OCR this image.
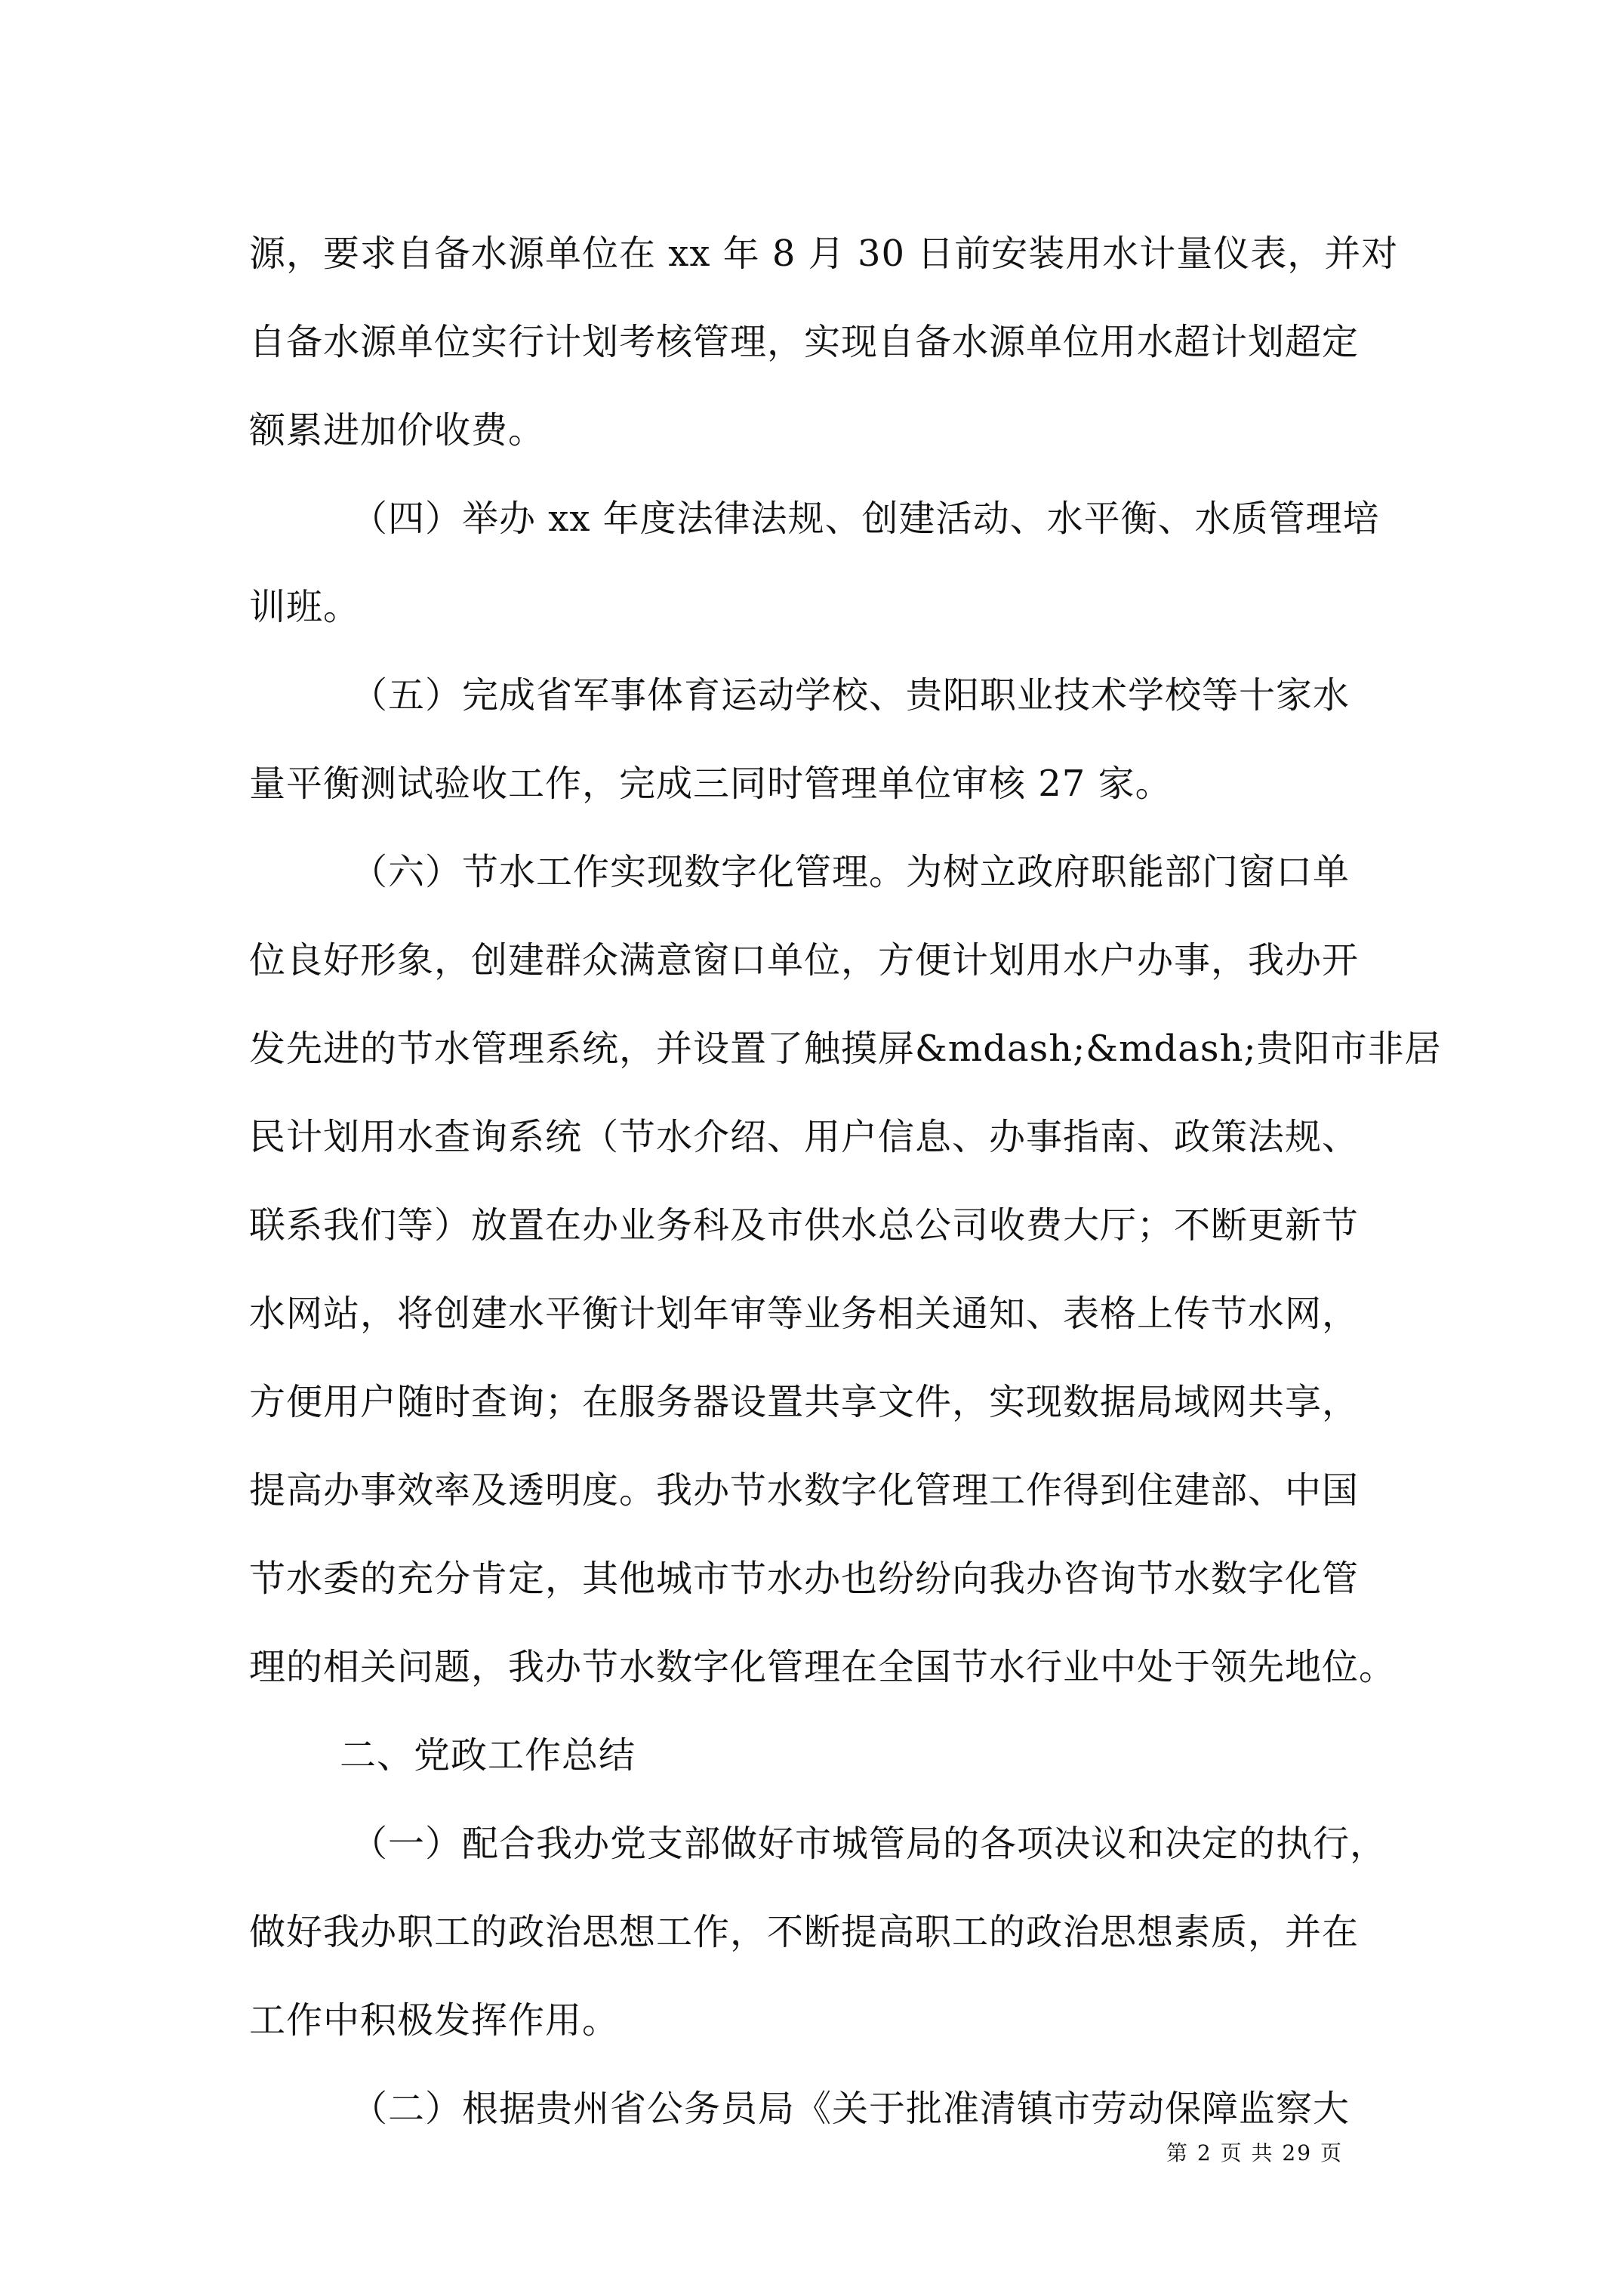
源，要求自备水源单位在 xx 年 8 月 30 日前安装用水计量仪表，并对
自备水源单位实行计划考核管理，实现自备水源单位用水超计划超定
额累进加价收费。
（四）举办 xx 年度法律法规、创建活动、水平衡、水质管理培
训班。
（五）完成省军事体育运动学校、贵阳职业技术学校等十家水
量平衡测试验收工作，完成三同时管理单位审核 27 家。
（六）节水工作实现数字化管理。为树立政府职能部门窗口单
位良好形象，创建群众满意窗口单位，方便计划用水户办事，我办开
发先进的节水管理系统，并设置了触摸屏&mdash;&mdash;贵阳市非居
民计划用水查询系统（节水介绍、用户信息、办事指南、政策法规、
联系我们等）放置在办业务科及市供水总公司收费大厅；不断更新节
水网站，将创建水平衡计划年审等业务相关通知、表格上传节水网，
方便用户随时查询；在服务器设置共享文件，实现数据局域网共享，
提高办事效率及透明度。我办节水数字化管理工作得到住建部、中国
节水委的充分肯定，其他城市节水办也纷纷向我办咨询节水数字化管
理的相关问题，我办节水数字化管理在全国节水行业中处于领先地位。
二、党政工作总结
（一）配合我办党支部做好市城管局的各项决议和决定的执行，
做好我办职工的政治思想工作，不断提高职工的政治思想素质，并在
工作中积极发挥作用。
（二）根据贵州省公务员局《关于批准清镇市劳动保障监察大
第 2 页 共 29 页
